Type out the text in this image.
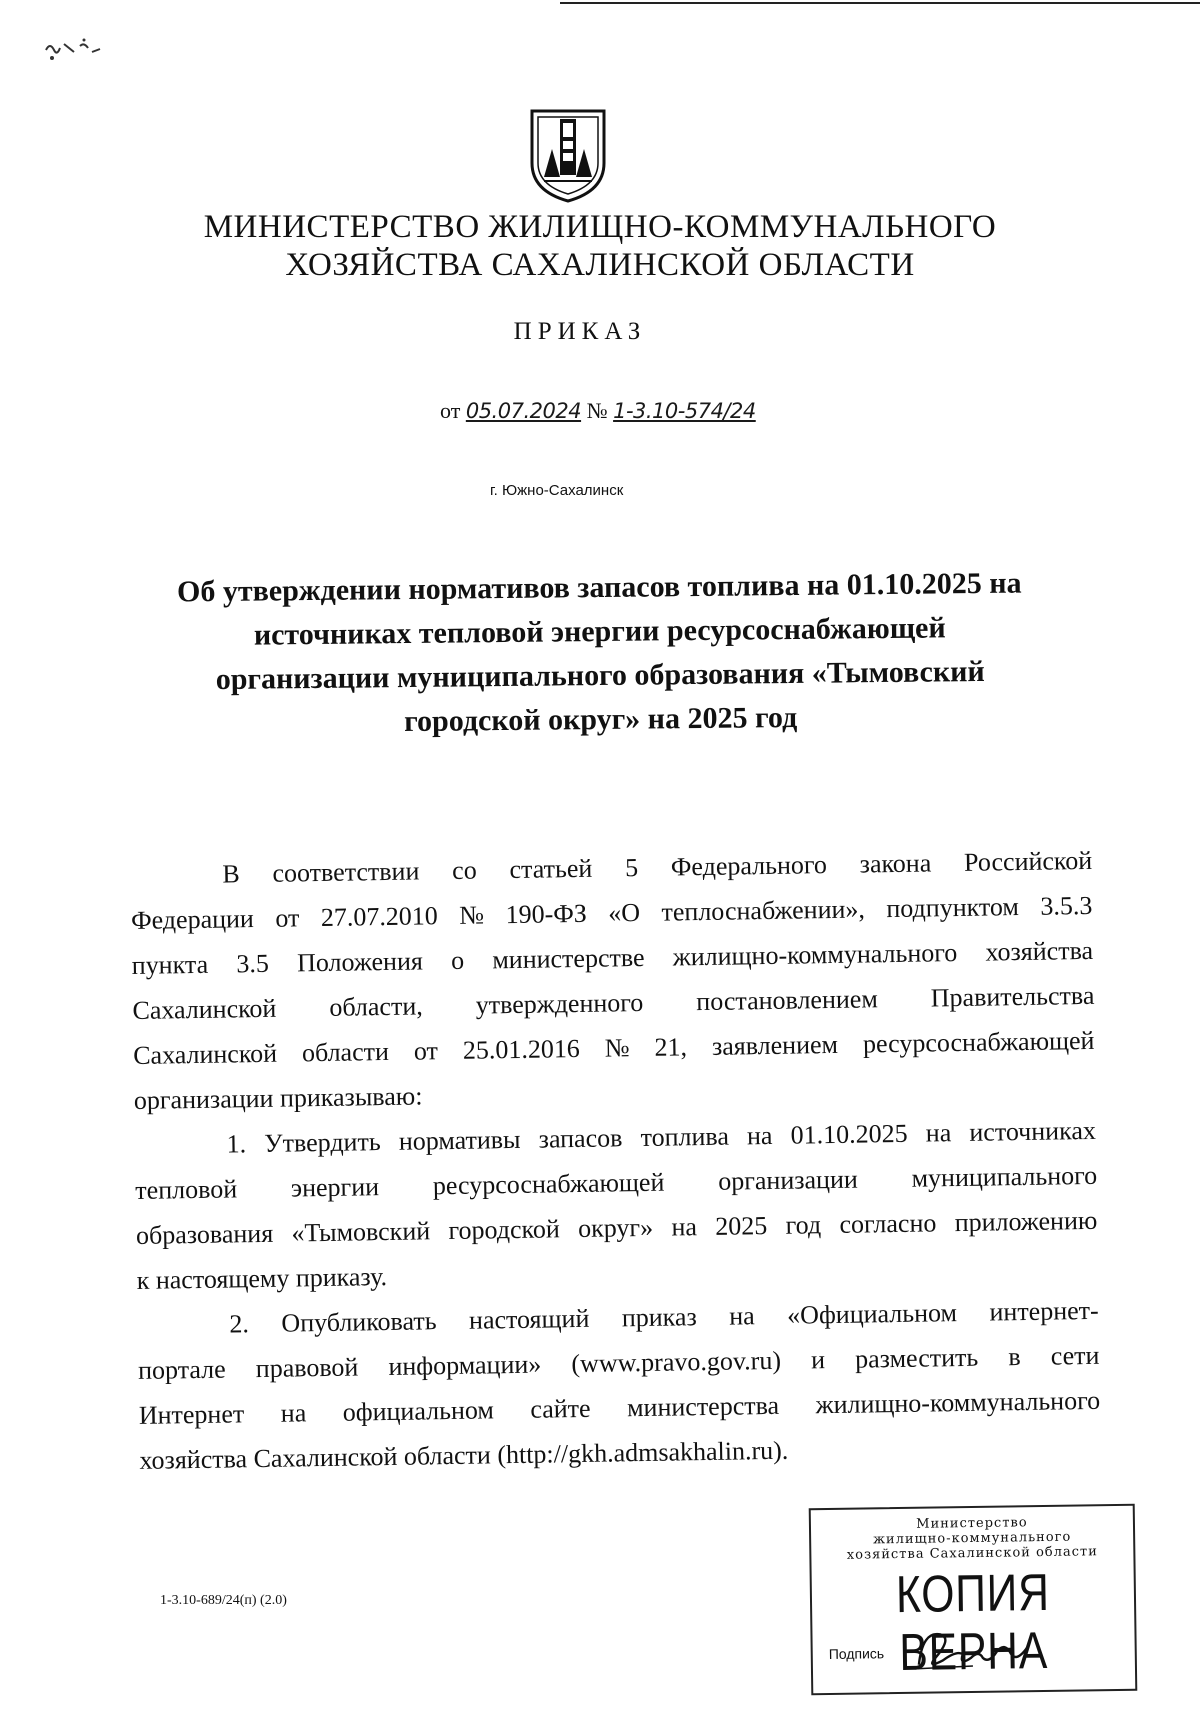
МИНИСТЕРСТВО ЖИЛИЩНО-КОММУНАЛЬНОГО
ХОЗЯЙСТВА САХАЛИНСКОЙ ОБЛАСТИ
ПРИКАЗ
от 05.07.2024 № 1-3.10-574/24
г. Южно-Сахалинск
Об утверждении нормативов запасов топлива на 01.10.2025 на
источниках тепловой энергии ресурсоснабжающей
организации муниципального образования «Тымовский
городской округ» на 2025 год
В соответствии со статьей 5 Федерального закона Российской
Федерации от 27.07.2010 № 190-ФЗ «О теплоснабжении», подпунктом 3.5.3
пункта 3.5 Положения о министерстве жилищно-коммунального хозяйства
Сахалинской области, утвержденного постановлением Правительства
Сахалинской области от 25.01.2016 № 21, заявлением ресурсоснабжающей
организации приказываю:
1. Утвердить нормативы запасов топлива на 01.10.2025 на источниках
тепловой энергии ресурсоснабжающей организации муниципального
образования «Тымовский городской округ» на 2025 год согласно приложению
к настоящему приказу.
2. Опубликовать настоящий приказ на «Официальном интернет-
портале правовой информации» (www.pravo.gov.ru) и разместить в сети
Интернет на официальном сайте министерства жилищно-коммунального
хозяйства Сахалинской области (http://gkh.admsakhalin.ru).
1-3.10-689/24(п) (2.0)
Министерство
жилищно-коммунального
хозяйства Сахалинской области
КОПИЯ ВЕРНА
Подпись
